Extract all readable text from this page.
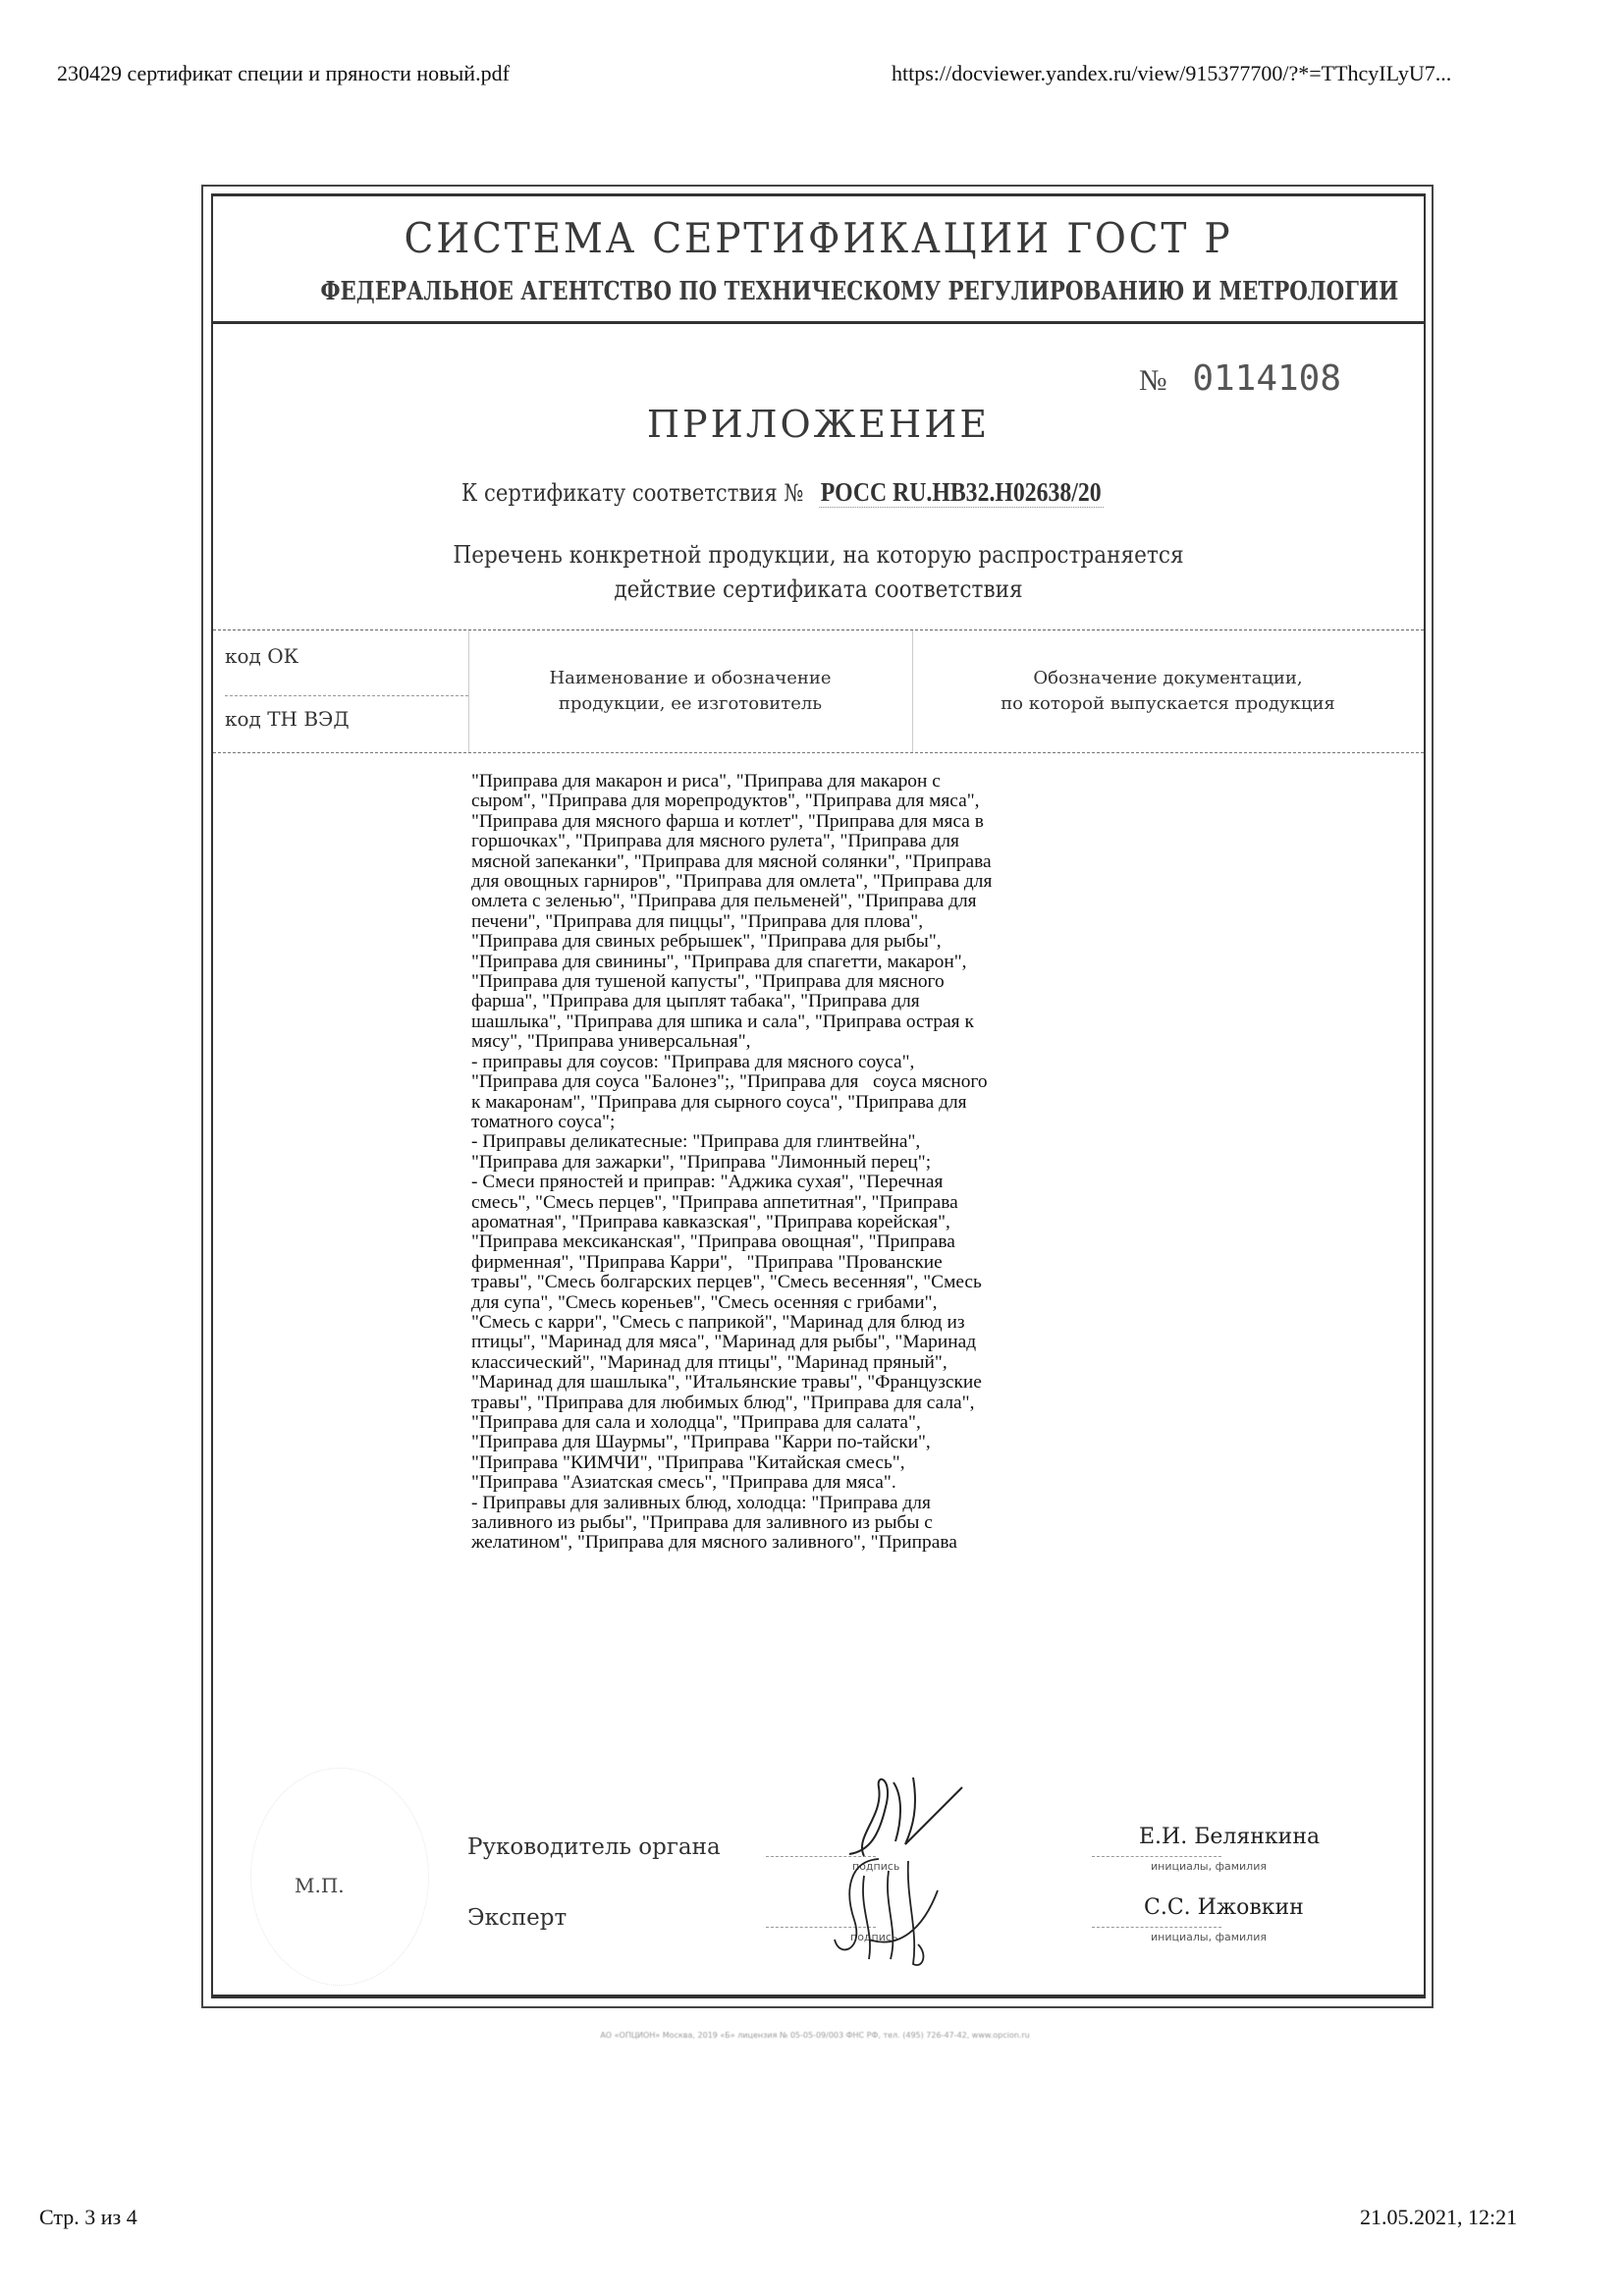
230429 сертификат специи и пряности новый.pdf	https://docviewer.yandex.ru/view/915377700/?*=TThcyILyU7...
Стр. 3 из 4	21.05.2021, 12:21
СИСТЕМА СЕРТИФИКАЦИИ ГОСТ Р
ФЕДЕРАЛЬНОЕ АГЕНТСТВО ПО ТЕХНИЧЕСКОМУ РЕГУЛИРОВАНИЮ И МЕТРОЛОГИИ
№ 0114108
ПРИЛОЖЕНИЕ
К сертификату соответствия № РОСС RU.НВ32.Н02638/20
Перечень конкретной продукции, на которую распространяется
действие сертификата соответствия
код ОК
код ТН ВЭД
Наименование и обозначение
продукции, ее изготовитель
Обозначение документации,
по которой выпускается продукция

"Приправа для макарон и риса", "Приправа для макарон с

сыром", "Приправа для морепродуктов", "Приправа для мяса",

"Приправа для мясного фарша и котлет", "Приправа для мяса в

горшочках", "Приправа для мясного рулета", "Приправа для

мясной запеканки", "Приправа для мясной солянки", "Приправа

для овощных гарниров", "Приправа для омлета", "Приправа для

омлета с зеленью", "Приправа для пельменей", "Приправа для

печени", "Приправа для пиццы", "Приправа для плова",

"Приправа для свиных ребрышек", "Приправа для рыбы",

"Приправа для свинины", "Приправа для спагетти, макарон",

"Приправа для тушеной капусты", "Приправа для мясного

фарша", "Приправа для цыплят табака", "Приправа для

шашлыка", "Приправа для шпика и сала", "Приправа острая к

мясу", "Приправа универсальная",

- приправы для соусов: "Приправа для мясного соуса",

"Приправа для соуса "Балонез";, "Приправа для   соуса мясного

к макаронам", "Приправа для сырного соуса", "Приправа для

томатного соуса";

- Приправы деликатесные: "Приправа для глинтвейна",

"Приправа для зажарки", "Приправа "Лимонный перец";

- Смеси пряностей и приправ: "Аджика сухая", "Перечная

смесь", "Смесь перцев", "Приправа аппетитная", "Приправа

ароматная", "Приправа кавказская", "Приправа корейская",

"Приправа мексиканская", "Приправа овощная", "Приправа

фирменная", "Приправа Карри",   "Приправа "Прованские

травы", "Смесь болгарских перцев", "Смесь весенняя", "Смесь

для супа", "Смесь кореньев", "Смесь осенняя с грибами",

"Смесь с карри", "Смесь с паприкой", "Маринад для блюд из

птицы", "Маринад для мяса", "Маринад для рыбы", "Маринад

классический", "Маринад для птицы", "Маринад пряный",

"Маринад для шашлыка", "Итальянские травы", "Французские

травы", "Приправа для любимых блюд", "Приправа для сала",

"Приправа для сала и холодца", "Приправа для салата",

"Приправа для Шаурмы", "Приправа "Карри по-тайски",

"Приправа "КИМЧИ", "Приправа "Китайская смесь",

"Приправа "Азиатская смесь", "Приправа для мяса".

- Приправы для заливных блюд, холодца: "Приправа для

заливного из рыбы", "Приправа для заливного из рыбы с

желатином", "Приправа для мясного заливного", "Приправа

М.П.
Руководитель органа
подпись
Е.И. Белянкина
инициалы, фамилия
Эксперт
подпись
С.С. Ижовкин
инициалы, фамилия
АО «ОПЦИОН» Москва, 2019 «Б» лицензия № 05-05-09/003 ФНС РФ, тел. (495) 726-47-42, www.opcion.ru
